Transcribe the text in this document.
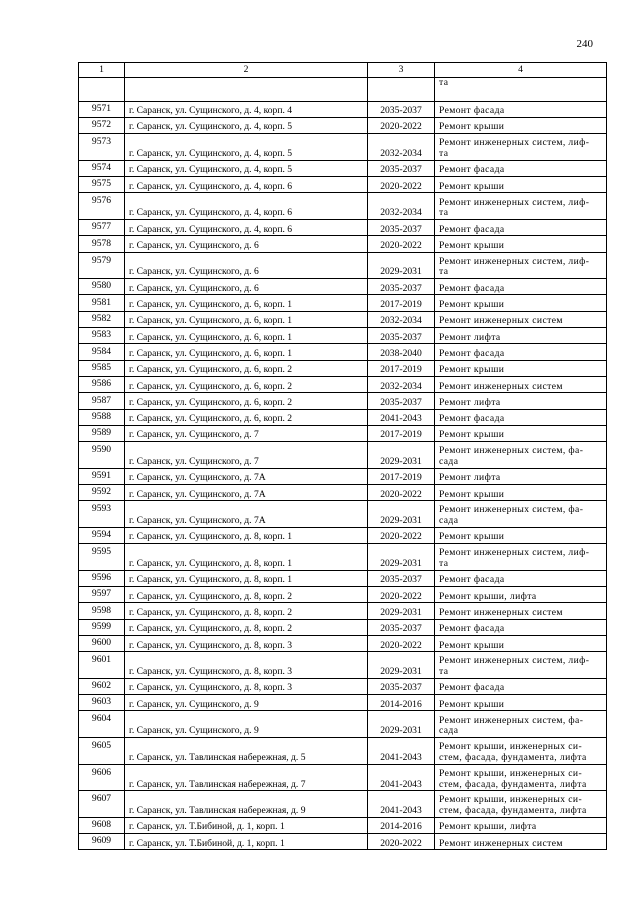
240
1	2	3	4
			та
9571	г. Саранск, ул. Сущинского, д. 4, корп. 4	2035-2037	Ремонт фасада
9572	г. Саранск, ул. Сущинского, д. 4, корп. 5	2020-2022	Ремонт крыши
9573	г. Саранск, ул. Сущинского, д. 4, корп. 5	2032-2034	Ремонт инженерных систем, лиф-
та
9574	г. Саранск, ул. Сущинского, д. 4, корп. 5	2035-2037	Ремонт фасада
9575	г. Саранск, ул. Сущинского, д. 4, корп. 6	2020-2022	Ремонт крыши
9576	г. Саранск, ул. Сущинского, д. 4, корп. 6	2032-2034	Ремонт инженерных систем, лиф-
та
9577	г. Саранск, ул. Сущинского, д. 4, корп. 6	2035-2037	Ремонт фасада
9578	г. Саранск, ул. Сущинского, д. 6	2020-2022	Ремонт крыши
9579	г. Саранск, ул. Сущинского, д. 6	2029-2031	Ремонт инженерных систем, лиф-
та
9580	г. Саранск, ул. Сущинского, д. 6	2035-2037	Ремонт фасада
9581	г. Саранск, ул. Сущинского, д. 6, корп. 1	2017-2019	Ремонт крыши
9582	г. Саранск, ул. Сущинского, д. 6, корп. 1	2032-2034	Ремонт инженерных систем
9583	г. Саранск, ул. Сущинского, д. 6, корп. 1	2035-2037	Ремонт лифта
9584	г. Саранск, ул. Сущинского, д. 6, корп. 1	2038-2040	Ремонт фасада
9585	г. Саранск, ул. Сущинского, д. 6, корп. 2	2017-2019	Ремонт крыши
9586	г. Саранск, ул. Сущинского, д. 6, корп. 2	2032-2034	Ремонт инженерных систем
9587	г. Саранск, ул. Сущинского, д. 6, корп. 2	2035-2037	Ремонт лифта
9588	г. Саранск, ул. Сущинского, д. 6, корп. 2	2041-2043	Ремонт фасада
9589	г. Саранск, ул. Сущинского, д. 7	2017-2019	Ремонт крыши
9590	г. Саранск, ул. Сущинского, д. 7	2029-2031	Ремонт инженерных систем, фа-
сада
9591	г. Саранск, ул. Сущинского, д. 7А	2017-2019	Ремонт лифта
9592	г. Саранск, ул. Сущинского, д. 7А	2020-2022	Ремонт крыши
9593	г. Саранск, ул. Сущинского, д. 7А	2029-2031	Ремонт инженерных систем, фа-
сада
9594	г. Саранск, ул. Сущинского, д. 8, корп. 1	2020-2022	Ремонт крыши
9595	г. Саранск, ул. Сущинского, д. 8, корп. 1	2029-2031	Ремонт инженерных систем, лиф-
та
9596	г. Саранск, ул. Сущинского, д. 8, корп. 1	2035-2037	Ремонт фасада
9597	г. Саранск, ул. Сущинского, д. 8, корп. 2	2020-2022	Ремонт крыши, лифта
9598	г. Саранск, ул. Сущинского, д. 8, корп. 2	2029-2031	Ремонт инженерных систем
9599	г. Саранск, ул. Сущинского, д. 8, корп. 2	2035-2037	Ремонт фасада
9600	г. Саранск, ул. Сущинского, д. 8, корп. 3	2020-2022	Ремонт крыши
9601	г. Саранск, ул. Сущинского, д. 8, корп. 3	2029-2031	Ремонт инженерных систем, лиф-
та
9602	г. Саранск, ул. Сущинского, д. 8, корп. 3	2035-2037	Ремонт фасада
9603	г. Саранск, ул. Сущинского, д. 9	2014-2016	Ремонт крыши
9604	г. Саранск, ул. Сущинского, д. 9	2029-2031	Ремонт инженерных систем, фа-
сада
9605	г. Саранск, ул. Тавлинская набережная, д. 5	2041-2043	Ремонт крыши, инженерных си-
стем, фасада, фундамента, лифта
9606	г. Саранск, ул. Тавлинская набережная, д. 7	2041-2043	Ремонт крыши, инженерных си-
стем, фасада, фундамента, лифта
9607	г. Саранск, ул. Тавлинская набережная, д. 9	2041-2043	Ремонт крыши, инженерных си-
стем, фасада, фундамента, лифта
9608	г. Саранск, ул. Т.Бибиной, д. 1, корп. 1	2014-2016	Ремонт крыши, лифта
9609	г. Саранск, ул. Т.Бибиной, д. 1, корп. 1	2020-2022	Ремонт инженерных систем
